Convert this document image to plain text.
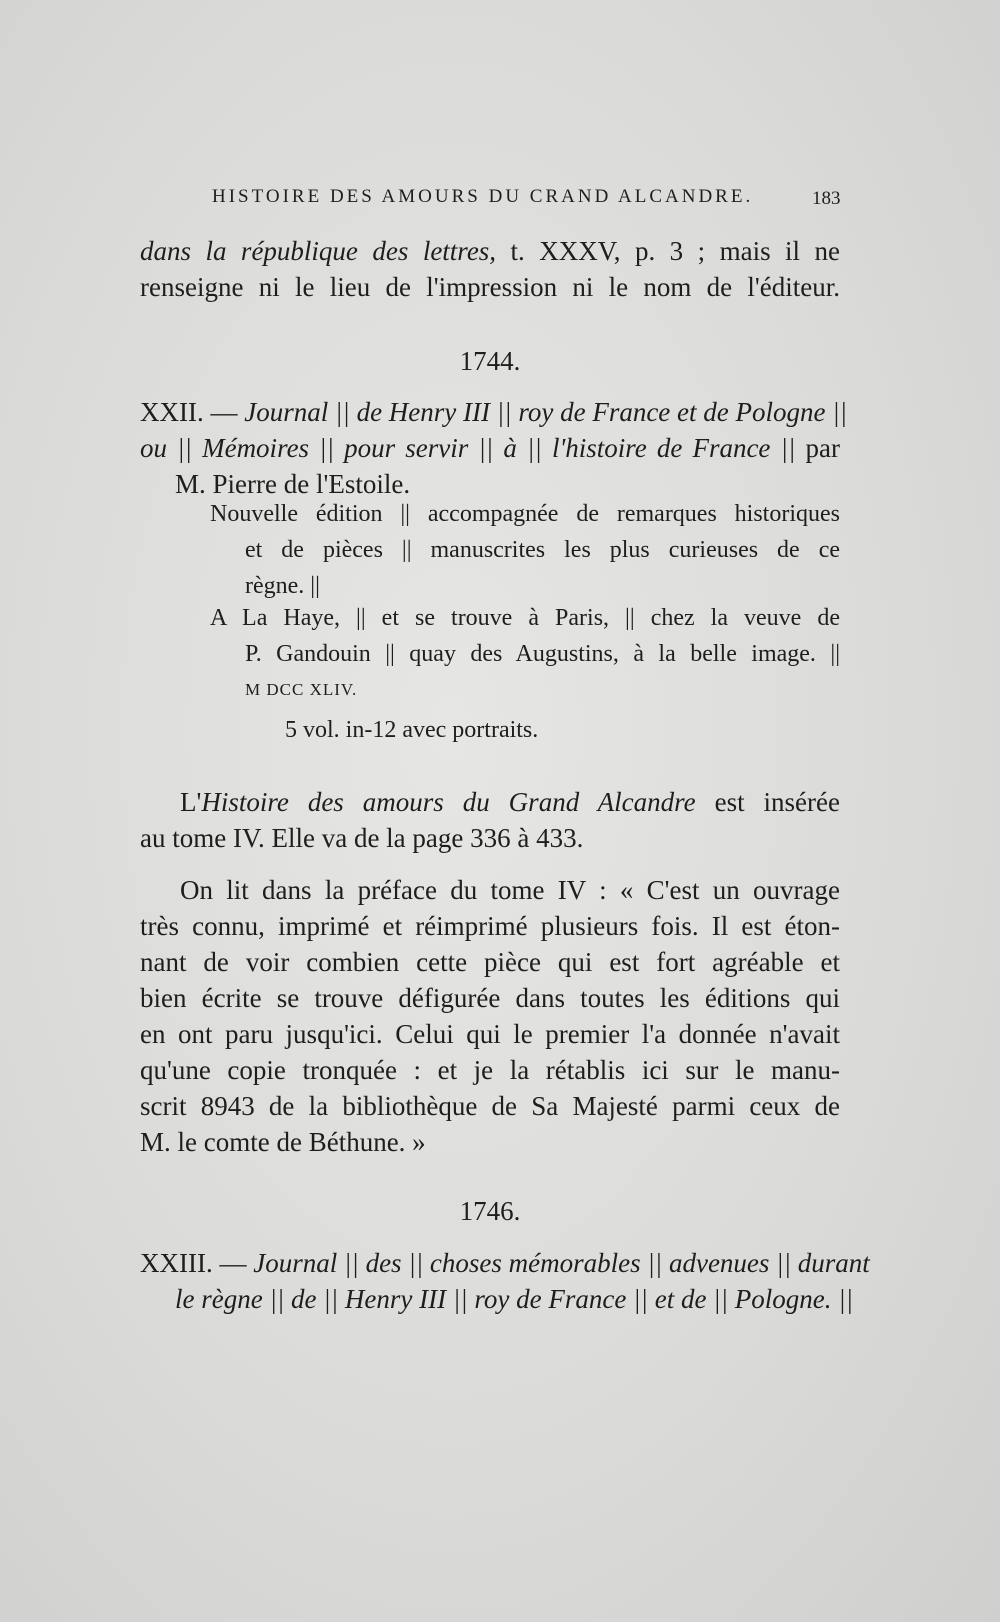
HISTOIRE DES AMOURS DU CRAND ALCANDRE.	183
dans la république des lettres, t. XXXV, p. 3 ; mais il ne
renseigne ni le lieu de l'impression ni le nom de l'éditeur.
1744.
XXII. — Journal || de Henry III || roy de France et de Pologne ||
ou || Mémoires || pour servir || à || l'histoire de France || par
M. Pierre de l'Estoile.
Nouvelle édition || accompagnée de remarques historiques
et de pièces || manuscrites les plus curieuses de ce
règne. ||
A La Haye, || et se trouve à Paris, || chez la veuve de
P. Gandouin || quay des Augustins, à la belle image. ||
M DCC XLIV.
5 vol. in-12 avec portraits.
L'Histoire des amours du Grand Alcandre est insérée
au tome IV. Elle va de la page 336 à 433.
On lit dans la préface du tome IV : « C'est un ouvrage
très connu, imprimé et réimprimé plusieurs fois. Il est éton-
nant de voir combien cette pièce qui est fort agréable et
bien écrite se trouve défigurée dans toutes les éditions qui
en ont paru jusqu'ici. Celui qui le premier l'a donnée n'avait
qu'une copie tronquée : et je la rétablis ici sur le manu-
scrit 8943 de la bibliothèque de Sa Majesté parmi ceux de
M. le comte de Béthune. »
1746.
XXIII. — Journal || des || choses mémorables || advenues || durant
le règne || de || Henry III || roy de France || et de || Pologne. ||
